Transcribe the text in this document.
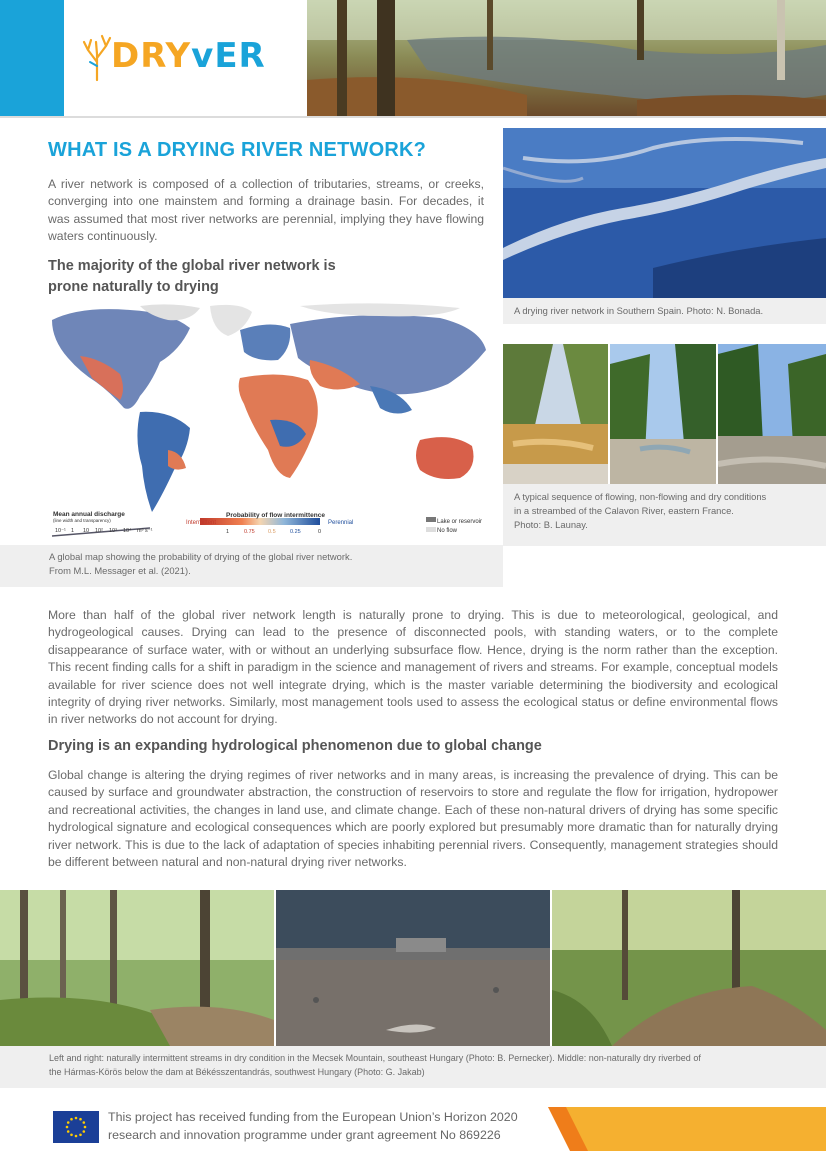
DRYvER
WHAT IS A DRYING RIVER NETWORK?

A river network is composed of a collection of tributaries, streams, or creeks, converging into one mainstem and forming a drainage basin. For decades, it was assumed that most river networks are perennial, implying they have flowing waters continuously.

The majority of the global river network is prone naturally to drying
Mean annual discharge
(line width and transparency)
10⁻¹ 1 10 10² 10³ 10⁴ m³ s⁻¹
Probability of flow intermittence
Intermittent	Perennial
1	0.75 0.5	0.25	0
Lake or reservoir
No flow
A global map showing the probability of drying of the global river network.
From M.L. Messager et al. (2021).
A drying river network in Southern Spain. Photo: N. Bonada.
A typical sequence of flowing, non-flowing and dry conditions
in a streambed of the Calavon River, eastern France.
Photo: B. Launay.

More than half of the global river network length is naturally prone to drying. This is due to meteorological, geological, and hydrogeological causes. Drying can lead to the presence of disconnected pools, with standing waters, or to the complete disappearance of surface water, with or without an underlying subsurface flow. Hence, drying is the norm rather than the exception. This recent finding calls for a shift in paradigm in the science and management of rivers and streams. For example, conceptual models available for river science does not well integrate drying, which is the master variable determining the biodiversity and ecological integrity of drying river networks. Similarly, most management tools used to assess the ecological status or define environmental flows in river networks do not account for drying.

Drying is an expanding hydrological phenomenon due to global change

Global change is altering the drying regimes of river networks and in many areas, is increasing the prevalence of drying. This can be caused by surface and groundwater abstraction, the construction of reservoirs to store and regulate the flow for irrigation, hydropower and recreational activities, the changes in land use, and climate change. Each of these non-natural drivers of drying has some specific hydrological signature and ecological consequences which are poorly explored but presumably more dramatic than for naturally drying river network. This is due to the lack of adaptation of species inhabiting perennial rivers. Consequently, management strategies should be different between natural and non-natural drying river networks.

Left and right: naturally intermittent streams in dry condition in the Mecsek Mountain, southeast Hungary (Photo: B. Pernecker). Middle: non-naturally dry riverbed of
the Hármas-Körös below the dam at Békésszentandrás, southwest Hungary (Photo: G. Jakab)

This project has received funding from the European Union’s Horizon 2020 research and innovation programme under grant agreement No 869226
